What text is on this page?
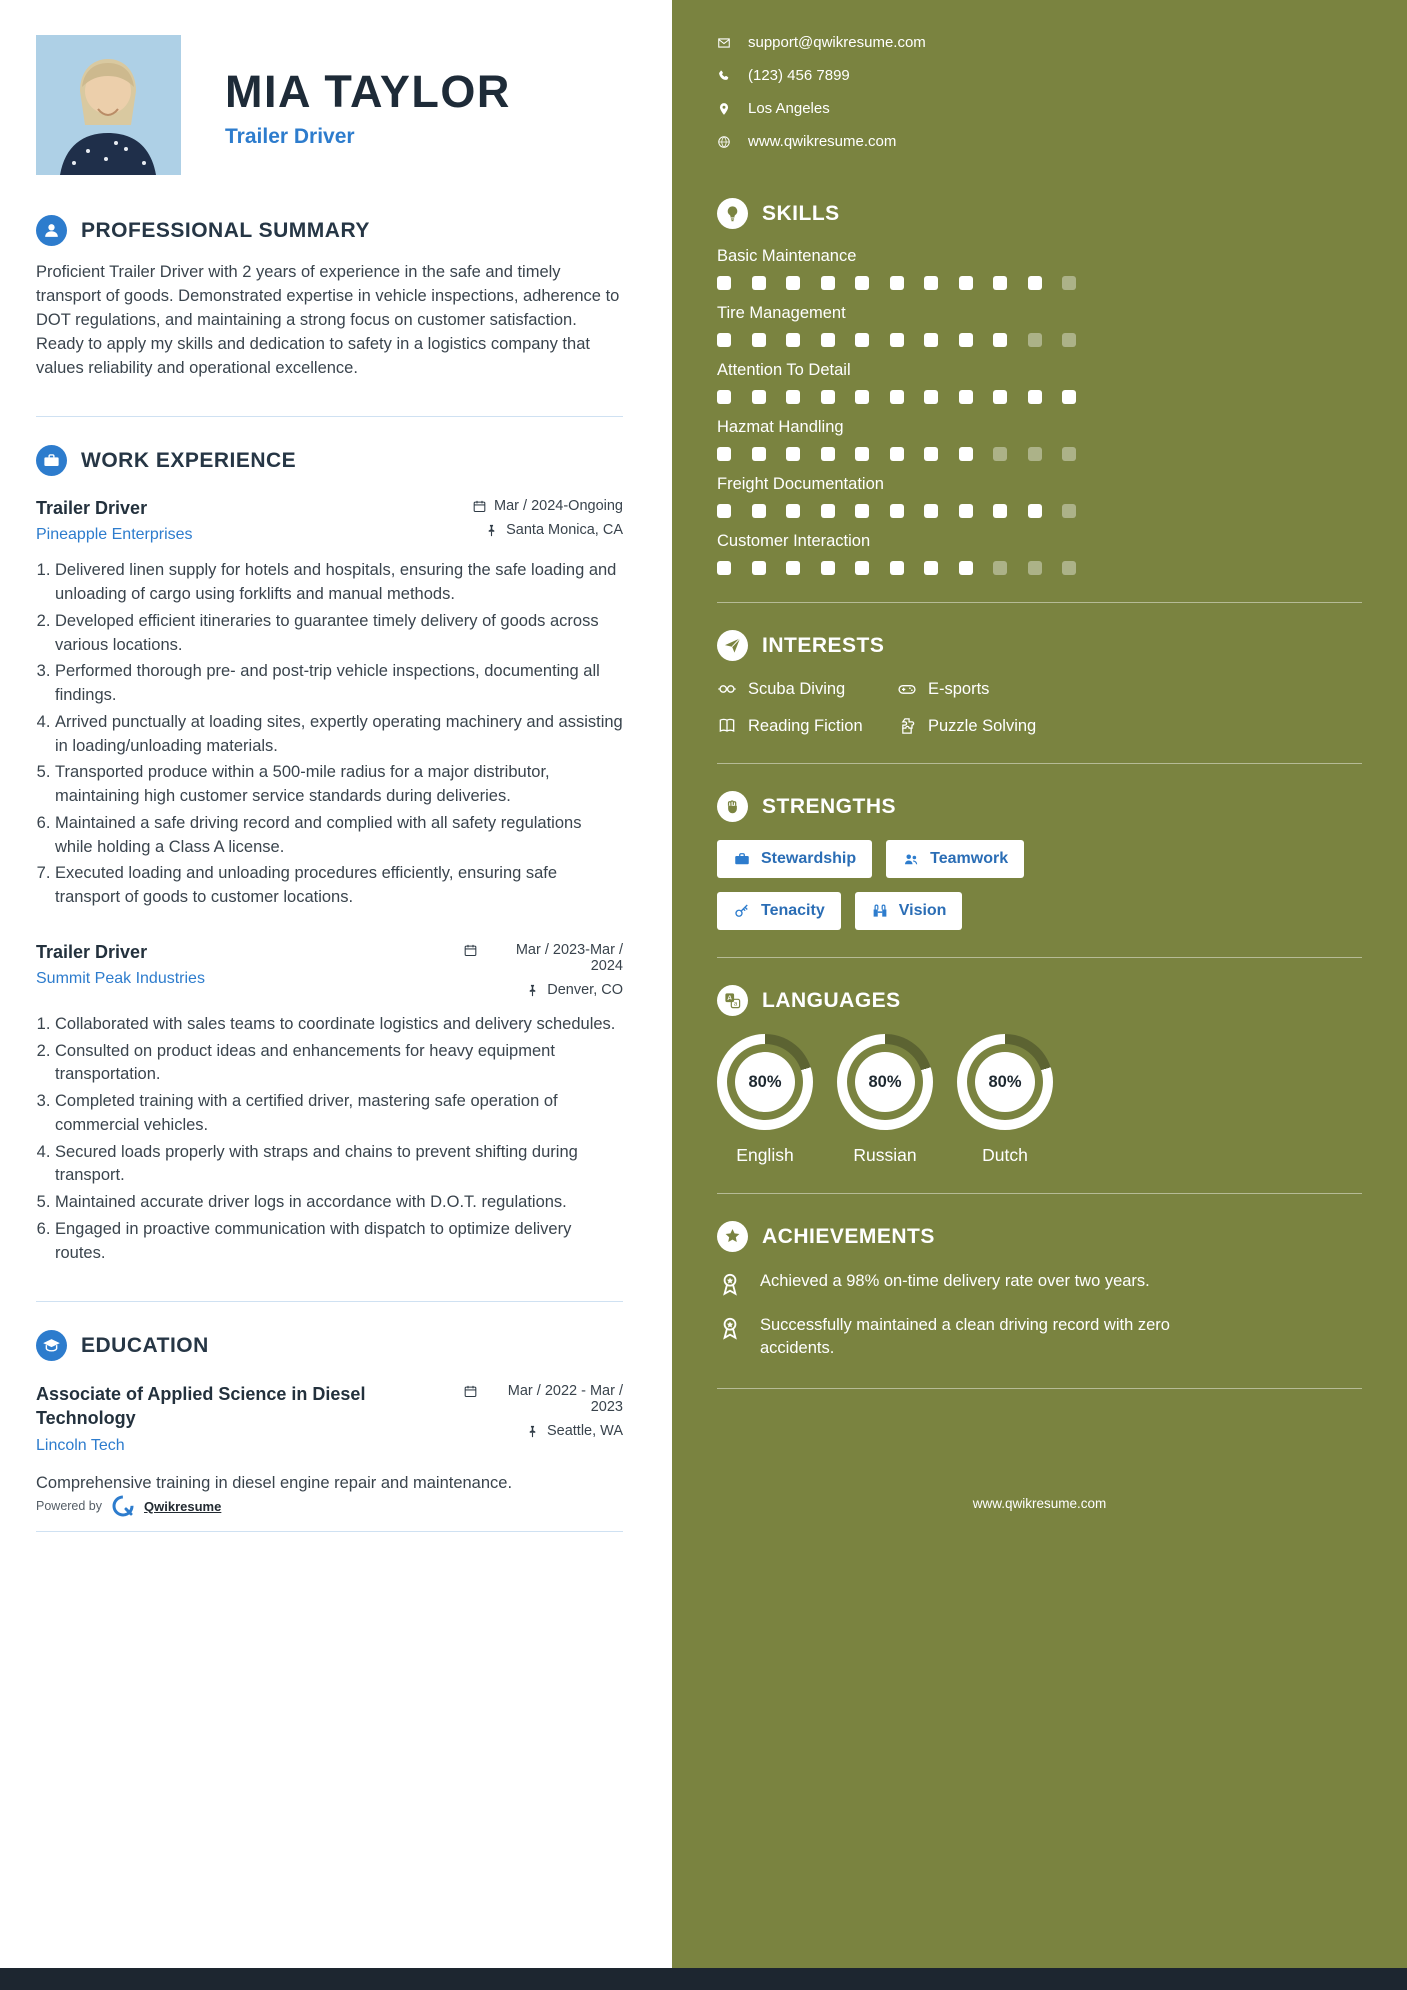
MIA TAYLOR
Trailer Driver
PROFESSIONAL SUMMARY

Proficient Trailer Driver with 2 years of experience in the safe and timely transport of goods. Demonstrated expertise in vehicle inspections, adherence to DOT regulations, and maintaining a strong focus on customer satisfaction. Ready to apply my skills and dedication to safety in a logistics company that values reliability and operational excellence.

WORK EXPERIENCE
Trailer Driver
Pineapple Enterprises
Mar / 2024-Ongoing
Santa Monica, CA
1. Delivered linen supply for hotels and hospitals, ensuring the safe loading and unloading of cargo using forklifts and manual methods.
2. Developed efficient itineraries to guarantee timely delivery of goods across various locations.
3. Performed thorough pre- and post-trip vehicle inspections, documenting all findings.
4. Arrived punctually at loading sites, expertly operating machinery and assisting in loading/unloading materials.
5. Transported produce within a 500-mile radius for a major distributor, maintaining high customer service standards during deliveries.
6. Maintained a safe driving record and complied with all safety regulations while holding a Class A license.
7. Executed loading and unloading procedures efficiently, ensuring safe transport of goods to customer locations.
Trailer Driver
Summit Peak Industries
Mar / 2023-Mar / 2024
Denver, CO
1. Collaborated with sales teams to coordinate logistics and delivery schedules.
2. Consulted on product ideas and enhancements for heavy equipment transportation.
3. Completed training with a certified driver, mastering safe operation of commercial vehicles.
4. Secured loads properly with straps and chains to prevent shifting during transport.
5. Maintained accurate driver logs in accordance with D.O.T. regulations.
6. Engaged in proactive communication with dispatch to optimize delivery routes.
EDUCATION
Associate of Applied Science in Diesel Technology
Lincoln Tech
Mar / 2022 - Mar / 2023
Seattle, WA

Comprehensive training in diesel engine repair and maintenance.

Powered by	Qwikresume
support@qwikresume.com
(123) 456 7899
Los Angeles
www.qwikresume.com
SKILLS
Basic Maintenance
Tire Management
Attention To Detail
Hazmat Handling
Freight Documentation
Customer Interaction
INTERESTS
Scuba Diving	E-sports
Reading Fiction	Puzzle Solving
STRENGTHS
Stewardship	Teamwork
Tenacity	Vision
A
a LANGUAGES
80%
English
80%
Russian
80%
Dutch
ACHIEVEMENTS
Achieved a 98% on-time delivery rate over two years.
Successfully maintained a clean driving record with zero accidents.
www.qwikresume.com
